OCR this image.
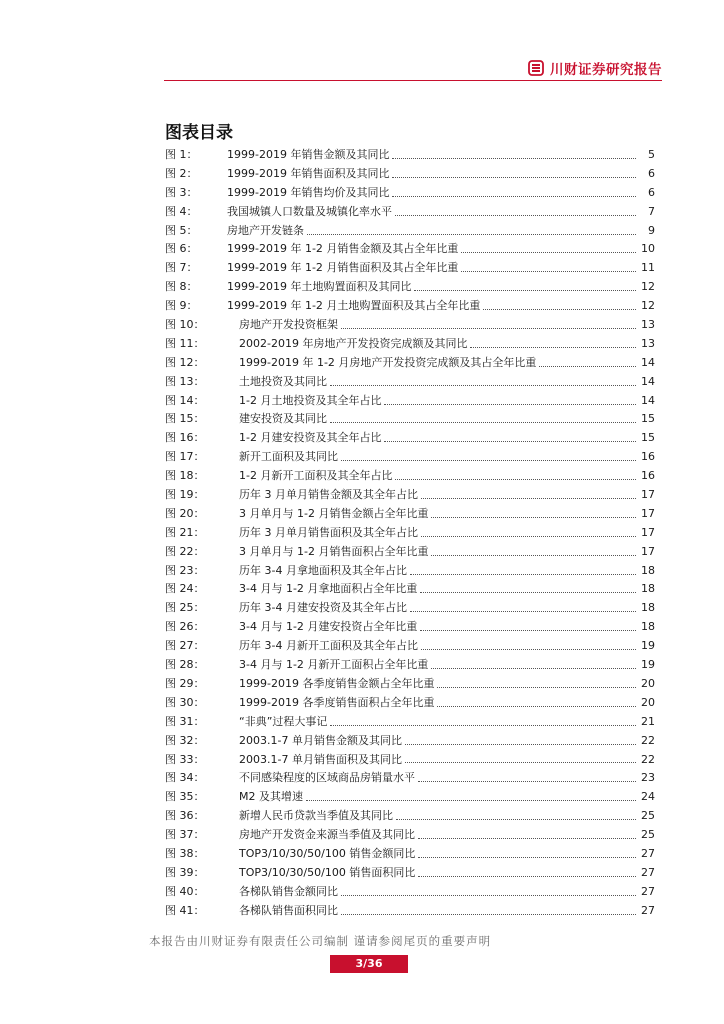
川财证券研究报告
图表目录
图 1：	1999-2019 年销售金额及其同比	5
图 2：	1999-2019 年销售面积及其同比	6
图 3：	1999-2019 年销售均价及其同比	6
图 4：	我国城镇人口数量及城镇化率水平	7
图 5：	房地产开发链条	9
图 6：	1999-2019 年 1-2 月销售金额及其占全年比重	10
图 7：	1999-2019 年 1-2 月销售面积及其占全年比重	11
图 8：	1999-2019 年土地购置面积及其同比	12
图 9：	1999-2019 年 1-2 月土地购置面积及其占全年比重	12
图 10：	房地产开发投资框架	13
图 11：	2002-2019 年房地产开发投资完成额及其同比	13
图 12：	1999-2019 年 1-2 月房地产开发投资完成额及其占全年比重	14
图 13：	土地投资及其同比	14
图 14：	1-2 月土地投资及其全年占比	14
图 15：	建安投资及其同比	15
图 16：	1-2 月建安投资及其全年占比	15
图 17：	新开工面积及其同比	16
图 18：	1-2 月新开工面积及其全年占比	16
图 19：	历年 3 月单月销售金额及其全年占比	17
图 20：	3 月单月与 1-2 月销售金额占全年比重	17
图 21：	历年 3 月单月销售面积及其全年占比	17
图 22：	3 月单月与 1-2 月销售面积占全年比重	17
图 23：	历年 3-4 月拿地面积及其全年占比	18
图 24：	3-4 月与 1-2 月拿地面积占全年比重	18
图 25：	历年 3-4 月建安投资及其全年占比	18
图 26：	3-4 月与 1-2 月建安投资占全年比重	18
图 27：	历年 3-4 月新开工面积及其全年占比	19
图 28：	3-4 月与 1-2 月新开工面积占全年比重	19
图 29：	1999-2019 各季度销售金额占全年比重	20
图 30：	1999-2019 各季度销售面积占全年比重	20
图 31：	“非典”过程大事记	21
图 32：	2003.1-7 单月销售金额及其同比	22
图 33：	2003.1-7 单月销售面积及其同比	22
图 34：	不同感染程度的区域商品房销量水平	23
图 35：	M2 及其增速	24
图 36：	新增人民币贷款当季值及其同比	25
图 37：	房地产开发资金来源当季值及其同比	25
图 38：	TOP3/10/30/50/100 销售金额同比	27
图 39：	TOP3/10/30/50/100 销售面积同比	27
图 40：	各梯队销售金额同比	27
图 41：	各梯队销售面积同比	27
本报告由川财证券有限责任公司编制 谨请参阅尾页的重要声明
3/36
